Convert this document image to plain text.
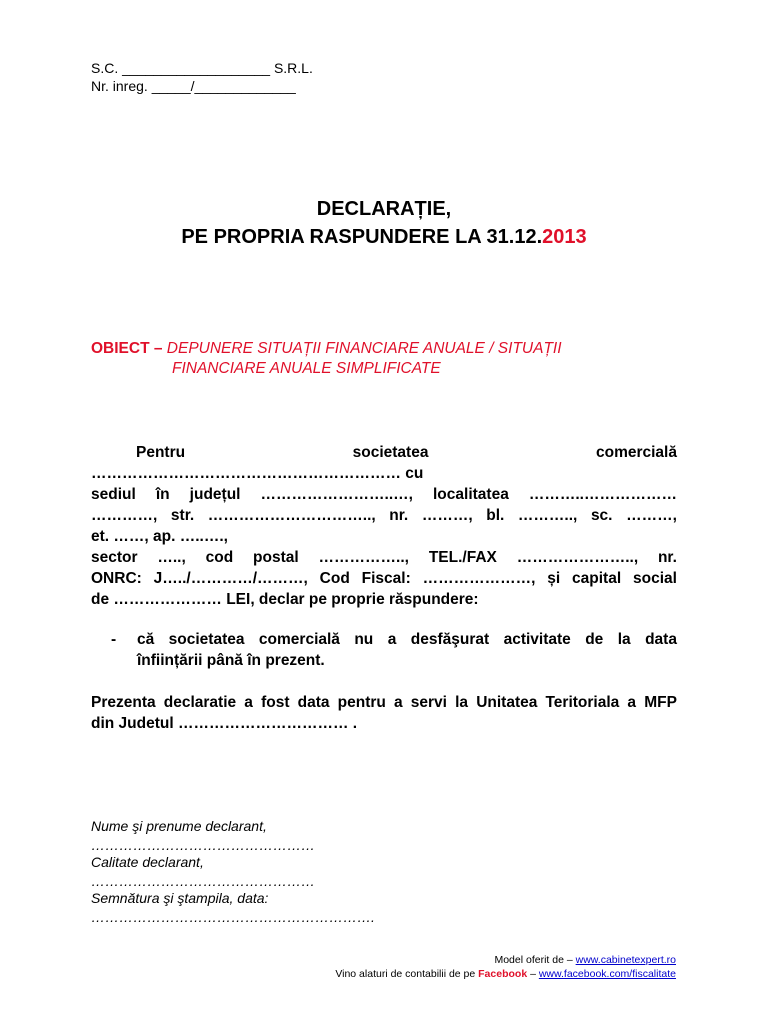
S.C. ___________________ S.R.L.
Nr. inreg. _____/_____________
DECLARAȚIE,
PE PROPRIA RASPUNDERE LA 31.12.2013
OBIECT – DEPUNERE SITUAȚII FINANCIARE ANUALE / SITUAȚII
FINANCIARE ANUALE SIMPLIFICATE
Pentru	societatea	comercială
…………………………………………………… cu
sediul în județul ……………………..…, localitatea ………..………………
…………, str. ………………………….., nr. ………, bl. ……….., sc. ………,
et. ……, ap. …..….,
sector ….., cod postal …………….., TEL./FAX ………………….., nr.
ONRC: J…../…………/………, Cod Fiscal: …………………, și capital social
de ………………… LEI, declar pe proprie răspundere:
- că societatea comercială nu a desfăşurat activitate de la data
înființării până în prezent.
Prezenta declaratie a fost data pentru a servi la Unitatea Teritoriala a MFP
din Judetul …………………………… .
Nume şi prenume declarant,
…………………………………………
Calitate declarant,
…………………………………………
Semnătura şi ştampila, data:
…………………………………………………….
Model oferit de – www.cabinetexpert.ro
Vino alaturi de contabilii de pe Facebook – www.facebook.com/fiscalitate
